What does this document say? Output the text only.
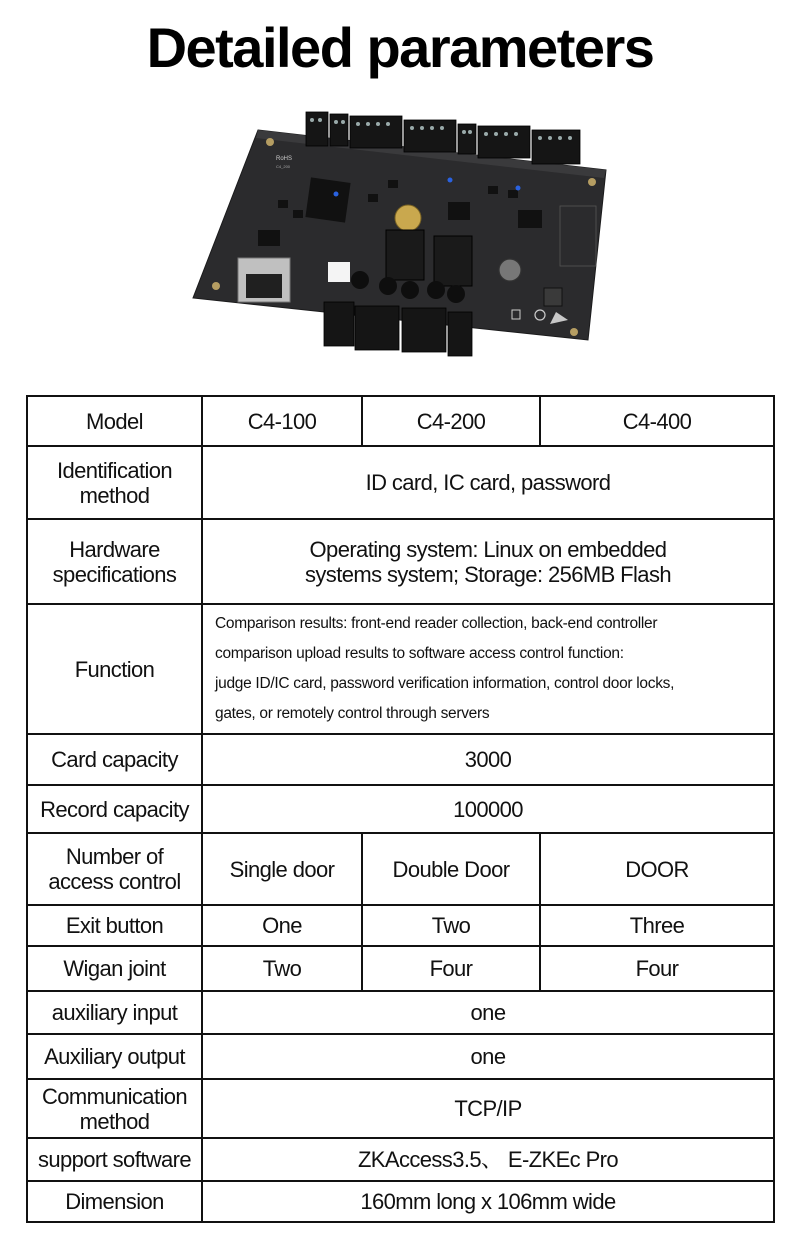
Detailed parameters
RoHS
C4_200
Model	C4-100	C4-200	C4-400

Identification
method	ID card, IC card, password		

Hardware
specifications	Operating system: Linux on embedded
systems system; Storage: 256MB Flash		

Function	Comparison results: front-end reader collection, back-end controller
comparison upload results to software access control function:
judge ID/IC card, password verification information, control door locks,
gates, or remotely control through servers		

Card capacity	3000		
Record capacity	100000		

Number of
access control	Single door	Double Door	DOOR
Exit button	One	Two	Three
Wigan joint	Two	Four	Four
auxiliary input	one		
Auxiliary output	one		

Communication
method	TCP/IP		
support software	ZKAccess3.5、 E-ZKEc Pro		
Dimension	160mm long x 106mm wide		
